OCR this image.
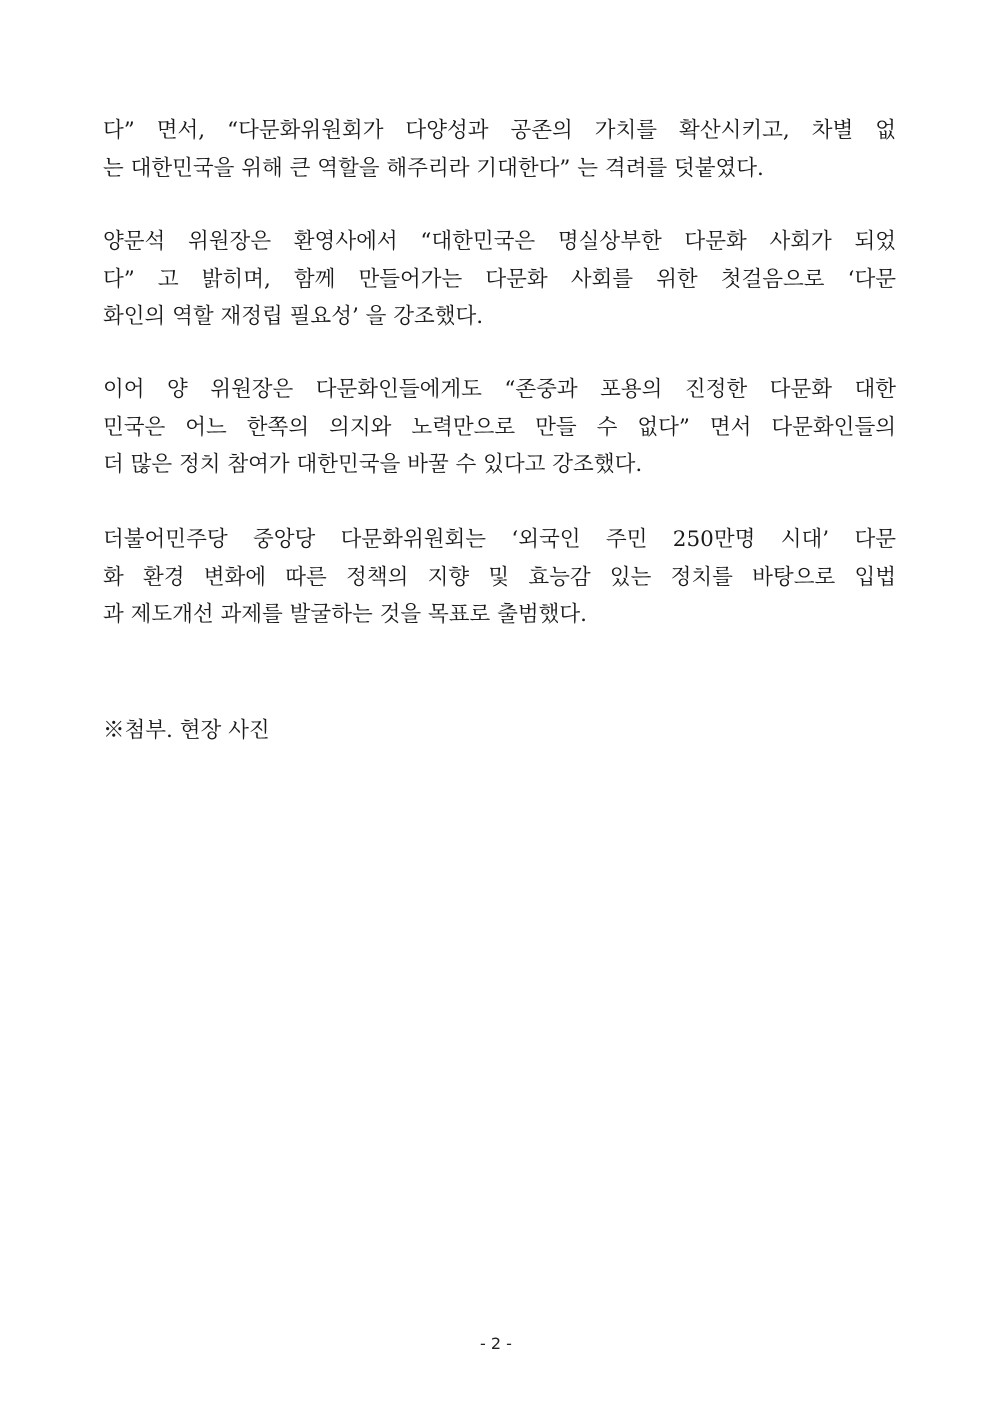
다” 면서, “다문화위원회가 다양성과 공존의 가치를 확산시키고, 차별 없
는 대한민국을 위해 큰 역할을 해주리라 기대한다” 는 격려를 덧붙였다.
양문석 위원장은 환영사에서 “대한민국은 명실상부한 다문화 사회가 되었
다” 고 밝히며, 함께 만들어가는 다문화 사회를 위한 첫걸음으로 ‘다문
화인의 역할 재정립 필요성’ 을 강조했다.
이어 양 위원장은 다문화인들에게도 “존중과 포용의 진정한 다문화 대한
민국은 어느 한쪽의 의지와 노력만으로 만들 수 없다” 면서 다문화인들의
더 많은 정치 참여가 대한민국을 바꿀 수 있다고 강조했다.
더불어민주당 중앙당 다문화위원회는 ‘외국인 주민 250만명 시대’ 다문
화 환경 변화에 따른 정책의 지향 및 효능감 있는 정치를 바탕으로 입법
과 제도개선 과제를 발굴하는 것을 목표로 출범했다.
※첨부. 현장 사진
- 2 -
